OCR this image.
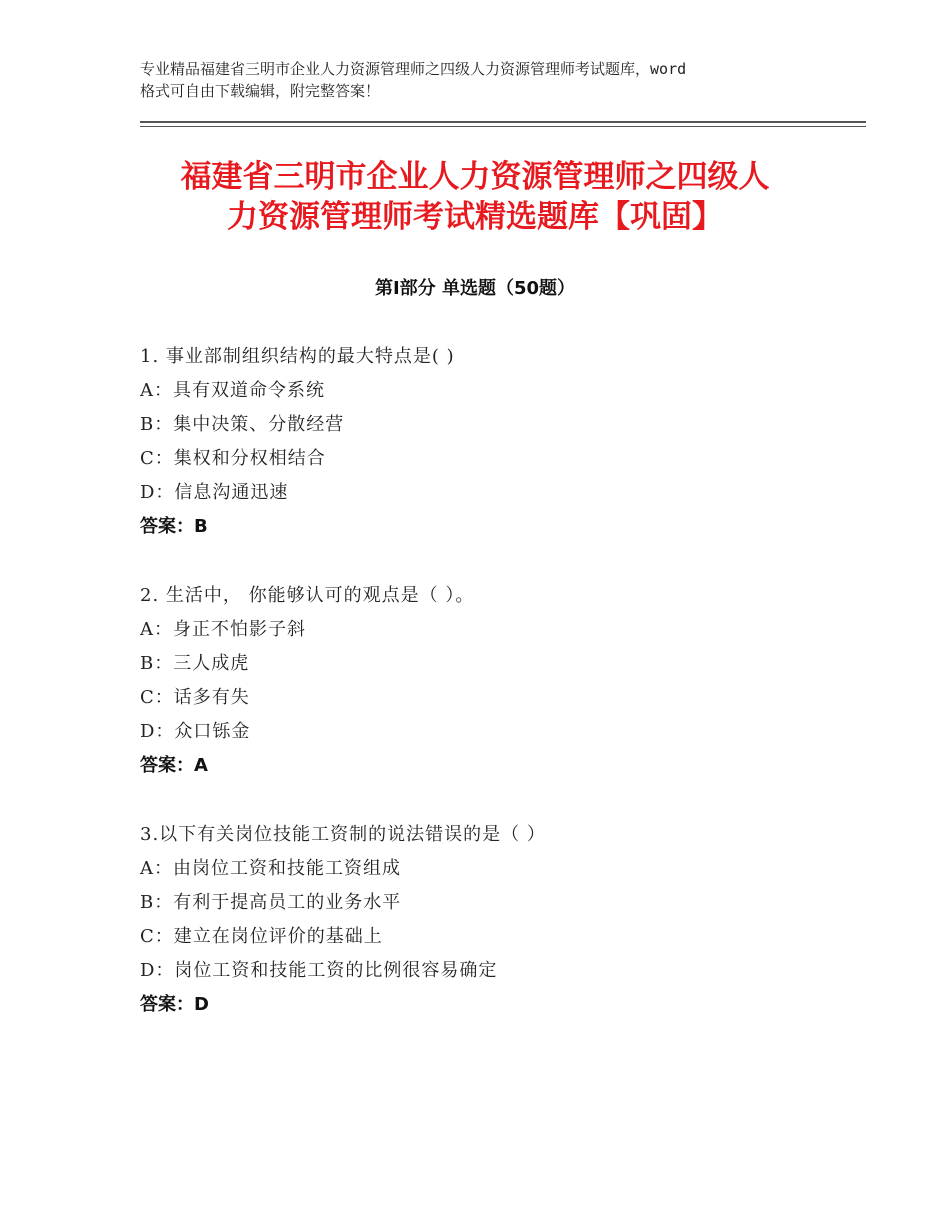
专业精品福建省三明市企业人力资源管理师之四级人力资源管理师考试题库，word
格式可自由下载编辑，附完整答案！
福建省三明市企业人力资源管理师之四级人
力资源管理师考试精选题库【巩固】
第Ⅰ部分 单选题（50题）
1. 事业部制组织结构的最大特点是( )
A：具有双道命令系统
B：集中决策、分散经营
C：集权和分权相结合
D：信息沟通迅速
答案：B
2. 生活中， 你能够认可的观点是（ ）。
A：身正不怕影子斜
B：三人成虎
C：话多有失
D：众口铄金
答案：A
3.以下有关岗位技能工资制的说法错误的是（ ）
A：由岗位工资和技能工资组成
B：有利于提高员工的业务水平
C：建立在岗位评价的基础上
D：岗位工资和技能工资的比例很容易确定
答案：D
